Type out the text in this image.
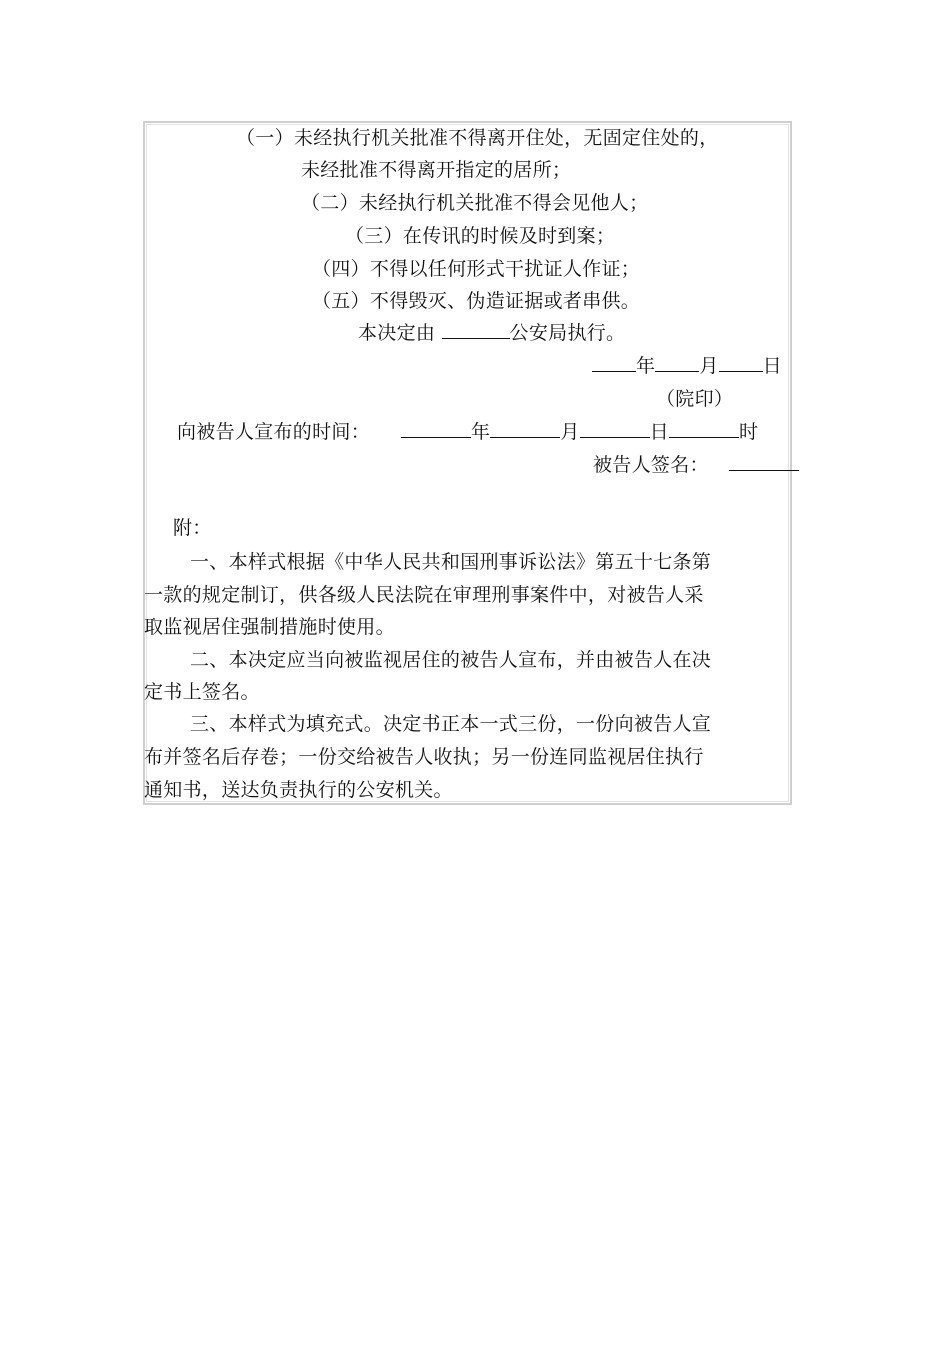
（一）未经执行机关批准不得离开住处，无固定住处的，
未经批准不得离开指定的居所；
（二）未经执行机关批准不得会见他人；
（三）在传讯的时候及时到案；
（四）不得以任何形式干扰证人作证；
（五）不得毁灭、伪造证据或者串供。
本决定由	公安局执行。
年 月 日
（院印）
向被告人宣布的时间：	年	月	日	时
被告人签名：
附：
一、本样式根据《中华人民共和国刑事诉讼法》第五十七条第
一款的规定制订，供各级人民法院在审理刑事案件中，对被告人采
取监视居住强制措施时使用。
二、本决定应当向被监视居住的被告人宣布，并由被告人在决
定书上签名。
三、本样式为填充式。决定书正本一式三份，一份向被告人宣
布并签名后存卷；一份交给被告人收执；另一份连同监视居住执行
通知书，送达负责执行的公安机关。
